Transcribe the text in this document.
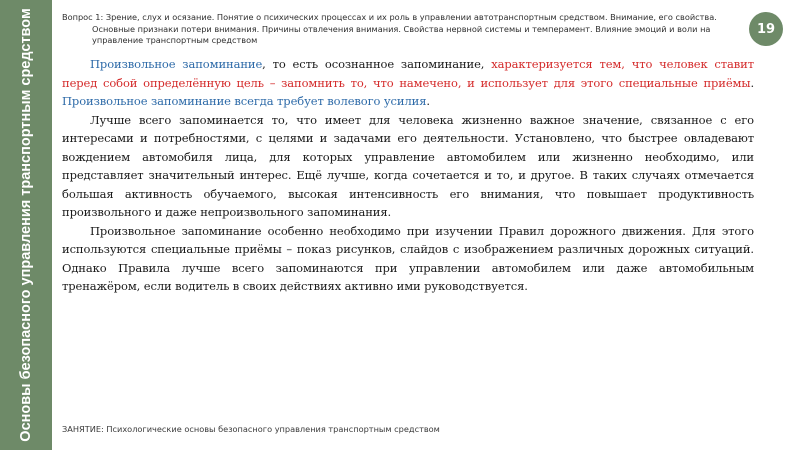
Основы безопасного управления транспортным средством	Вопрос 1: Зрение, слух и осязание. Понятие о психических процессах и их роль в управлении автотранспортным средством. Внимание, его свойства. Основные признаки потери внимания. Причины отвлечения внимания. Свойства нервной системы и темперамент. Влияние эмоций и воли на управление транспортным средством
19

Произвольное запоминание, то есть осознанное запоминание, характеризуется тем, что человек ставит перед собой определённую цель – запомнить то, что намечено, и использует для этого специальные приёмы. Произвольное запоминание всегда требует волевого усилия.

Лучше всего запоминается то, что имеет для человека жизненно важное значение, связанное с его интересами и потребностями, с целями и задачами его деятельности. Установлено, что быстрее овладевают вождением автомобиля лица, для которых управление автомобилем или жизненно необходимо, или представляет значительный интерес. Ещё лучше, когда сочетается и то, и другое. В таких случаях отмечается большая активность обучаемого, высокая интенсивность его внимания, что повышает продуктивность произвольного и даже непроизвольного запоминания.

Произвольное запоминание особенно необходимо при изучении Правил дорожного движения. Для этого используются специальные приёмы – показ рисунков, слайдов с изображением различных дорожных ситуаций. Однако Правила лучше всего запоминаются при управлении автомобилем или даже автомобильным тренажёром, если водитель в своих действиях активно ими руководствуется.

ЗАНЯТИЕ: Психологические основы безопасного управления транспортным средством
